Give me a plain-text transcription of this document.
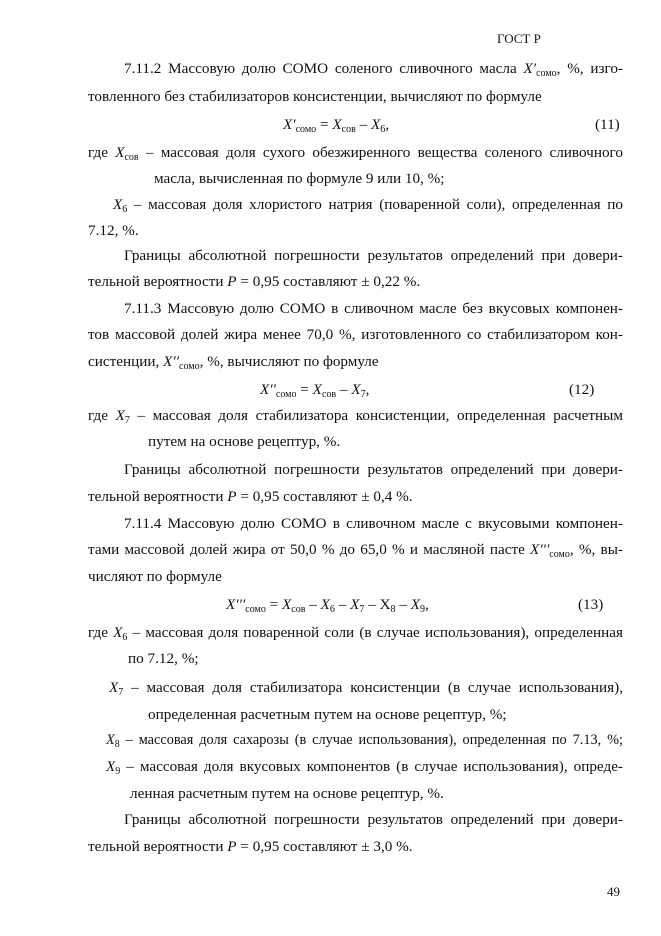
ГОСТ Р
7.11.2 Массовую долю СОМО соленого сливочного масла $X'_{сомо}$, %, изго-
товленного без стабилизаторов консистенции, вычисляют по формуле
$X'_{сомо} = X_{сов} - X_6$,	(11)
где $X_{сов}$ – массовая доля сухого обезжиренного вещества соленого сливочного
масла, вычисленная по формуле 9 или 10, %;
$X_6$ – массовая доля хлористого натрия (поваренной соли), определенная по
7.12, %.
Границы абсолютной погрешности результатов определений при довери-
тельной вероятности P = 0,95 составляют ± 0,22 %.
7.11.3 Массовую долю СОМО в сливочном масле без вкусовых компонен-
тов массовой долей жира менее 70,0 %, изготовленного со стабилизатором кон-
систенции, $X''_{сомо}$, %, вычисляют по формуле
$X''_{сомо} = X_{сов} - X_7$,	(12)
где $X_7$ – массовая доля стабилизатора консистенции, определенная расчетным
путем на основе рецептур, %.
Границы абсолютной погрешности результатов определений при довери-
тельной вероятности P = 0,95 составляют ± 0,4 %.
7.11.4 Массовую долю СОМО в сливочном масле с вкусовыми компонен-
тами массовой долей жира от 50,0 % до 65,0 % и масляной пасте $X'''_{сомо}$, %, вы-
числяют по формуле
$X'''_{сомо} = X_{сов} - X_6 - X_7 - X_8 - X_9$,	(13)
где $X_6$ – массовая доля поваренной соли (в случае использования), определенная
по 7.12, %;
$X_7$ – массовая доля стабилизатора консистенции (в случае использования),
определенная расчетным путем на основе рецептур, %;
$X_8$ – массовая доля сахарозы (в случае использования), определенная по 7.13, %;
$X_9$ – массовая доля вкусовых компонентов (в случае использования), опреде-
ленная расчетным путем на основе рецептур, %.
Границы абсолютной погрешности результатов определений при довери-
тельной вероятности P = 0,95 составляют ± 3,0 %.
49
